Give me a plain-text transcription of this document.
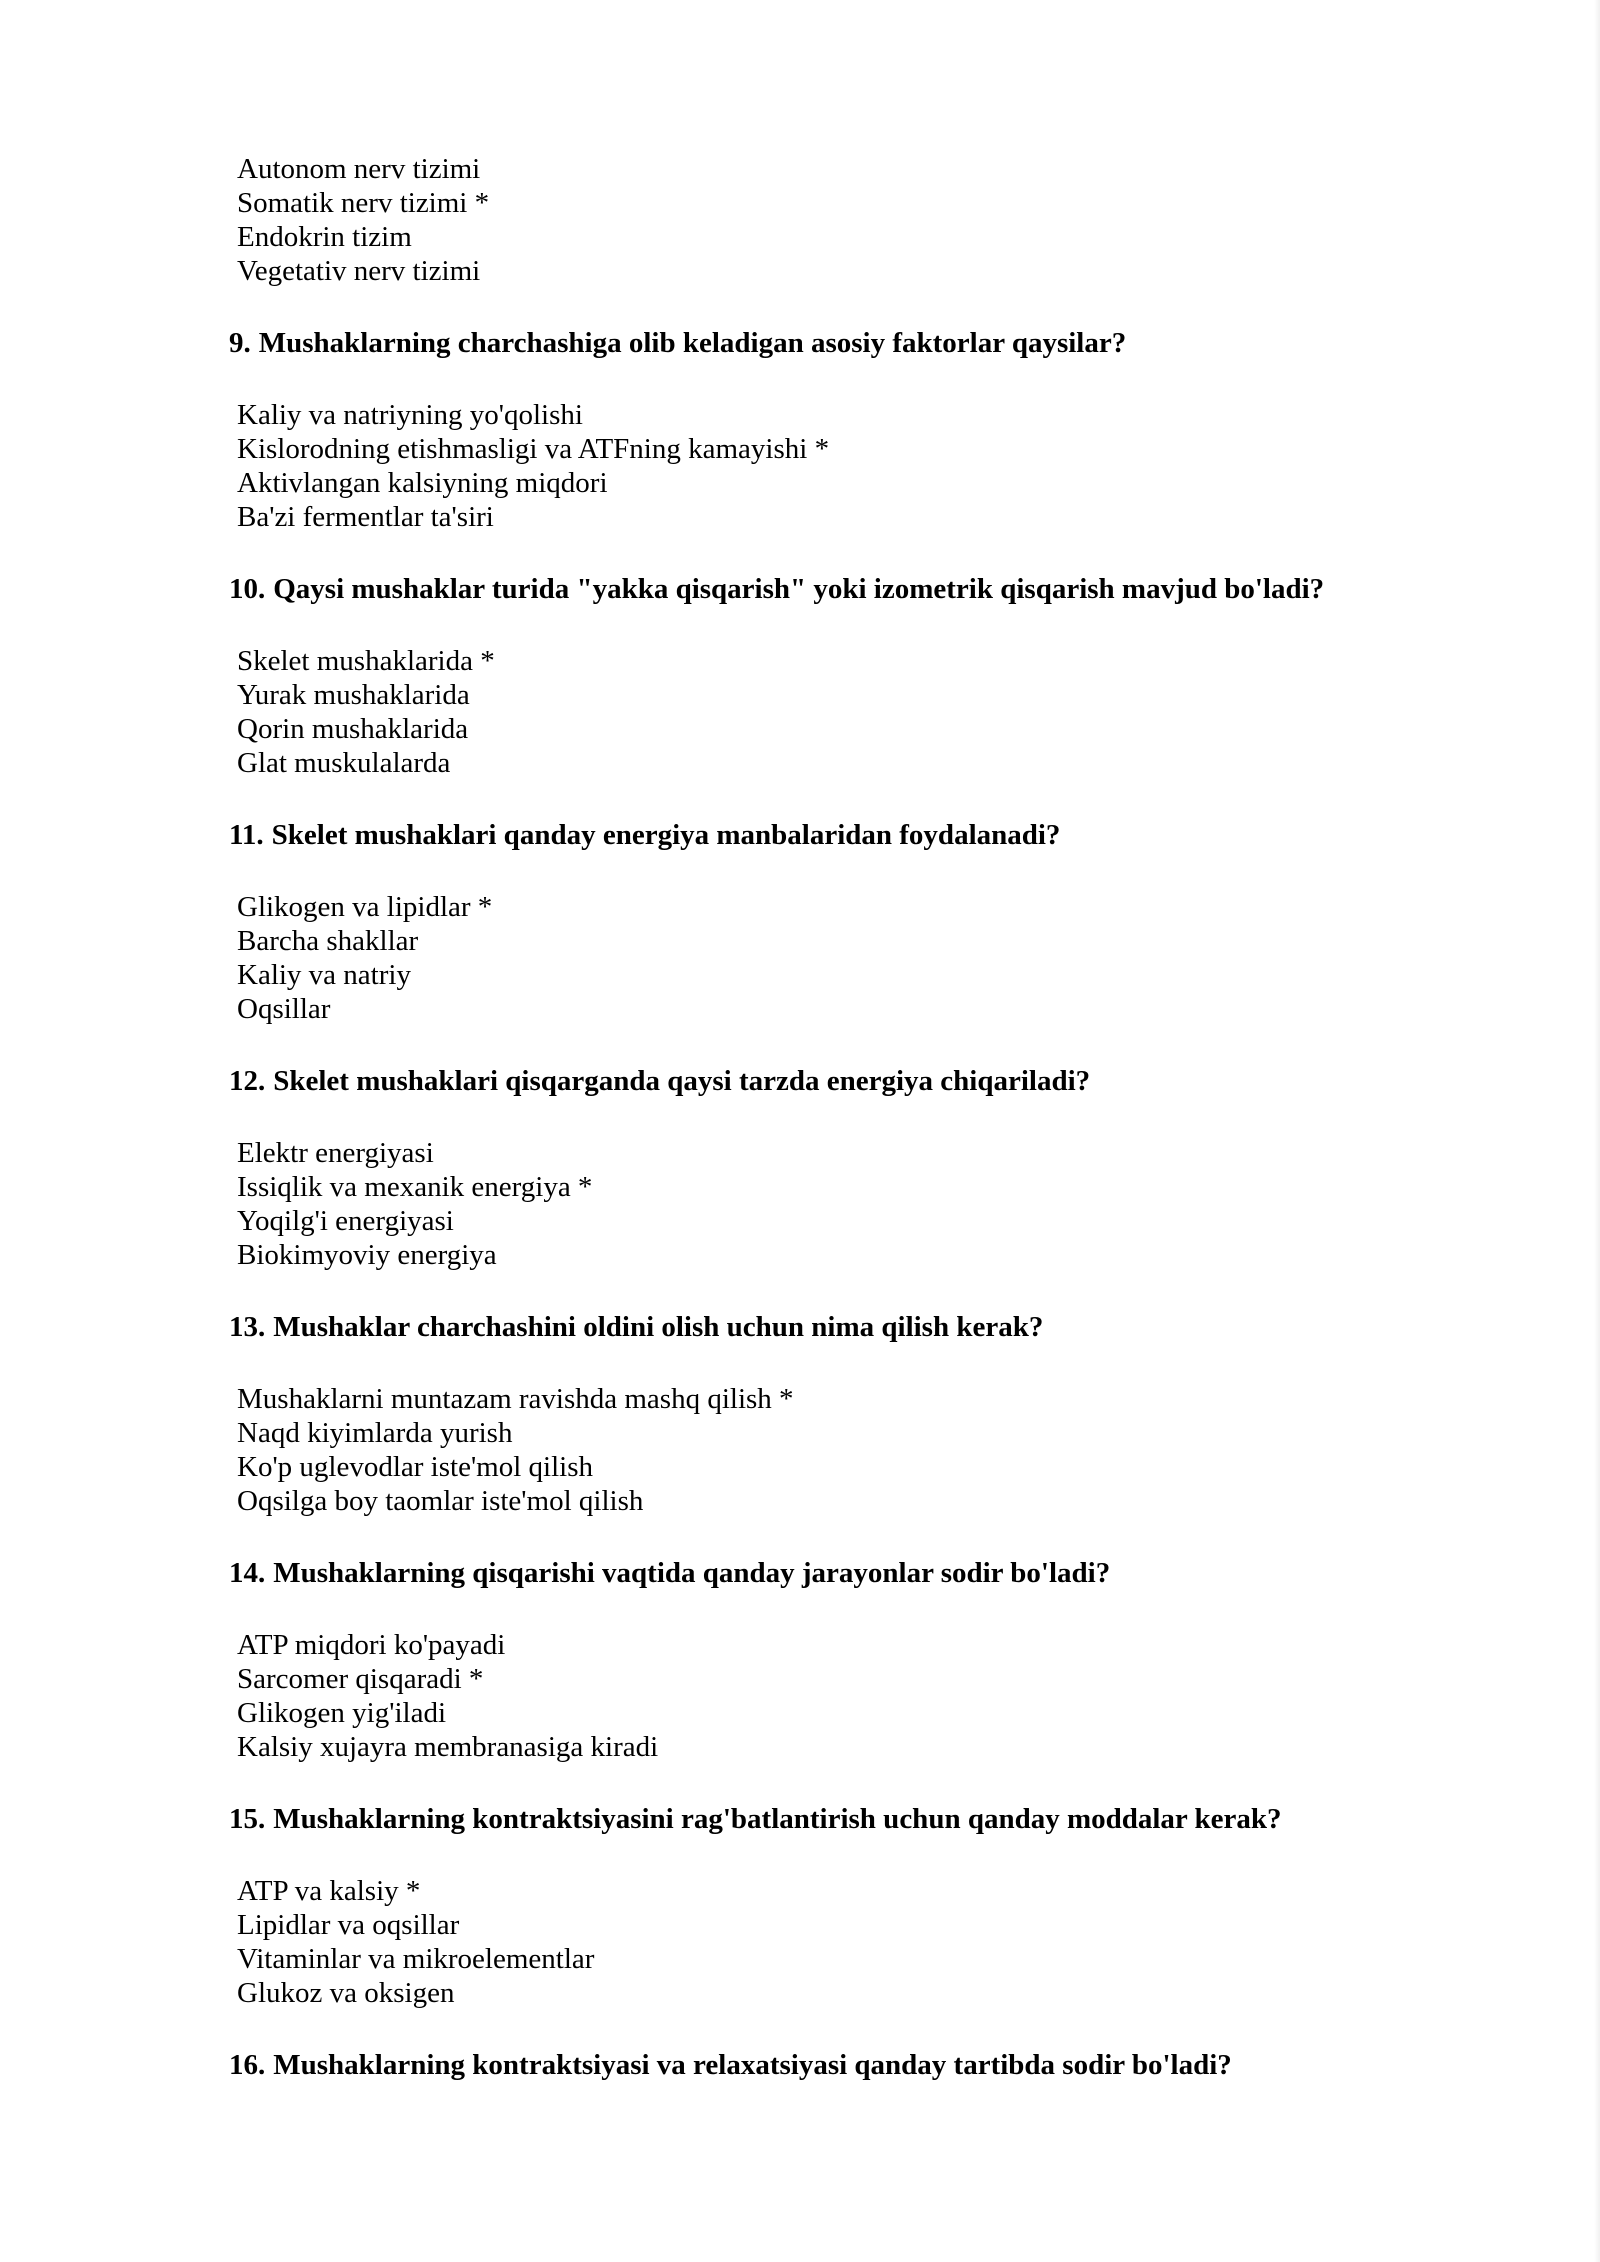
Autonom nerv tizimi
Somatik nerv tizimi *
Endokrin tizim
Vegetativ nerv tizimi
9. Mushaklarning charchashiga olib keladigan asosiy faktorlar qaysilar?
Kaliy va natriyning yo'qolishi
Kislorodning etishmasligi va ATFning kamayishi *
Aktivlangan kalsiyning miqdori
Ba'zi fermentlar ta'siri
10. Qaysi mushaklar turida "yakka qisqarish" yoki izometrik qisqarish mavjud bo'ladi?
Skelet mushaklarida *
Yurak mushaklarida
Qorin mushaklarida
Glat muskulalarda
11. Skelet mushaklari qanday energiya manbalaridan foydalanadi?
Glikogen va lipidlar *
Barcha shakllar
Kaliy va natriy
Oqsillar
12. Skelet mushaklari qisqarganda qaysi tarzda energiya chiqariladi?
Elektr energiyasi
Issiqlik va mexanik energiya *
Yoqilg'i energiyasi
Biokimyoviy energiya
13. Mushaklar charchashini oldini olish uchun nima qilish kerak?
Mushaklarni muntazam ravishda mashq qilish *
Naqd kiyimlarda yurish
Ko'p uglevodlar iste'mol qilish
Oqsilga boy taomlar iste'mol qilish
14. Mushaklarning qisqarishi vaqtida qanday jarayonlar sodir bo'ladi?
ATP miqdori ko'payadi
Sarcomer qisqaradi *
Glikogen yig'iladi
Kalsiy xujayra membranasiga kiradi
15. Mushaklarning kontraktsiyasini rag'batlantirish uchun qanday moddalar kerak?
ATP va kalsiy *
Lipidlar va oqsillar
Vitaminlar va mikroelementlar
Glukoz va oksigen
16. Mushaklarning kontraktsiyasi va relaxatsiyasi qanday tartibda sodir bo'ladi?
